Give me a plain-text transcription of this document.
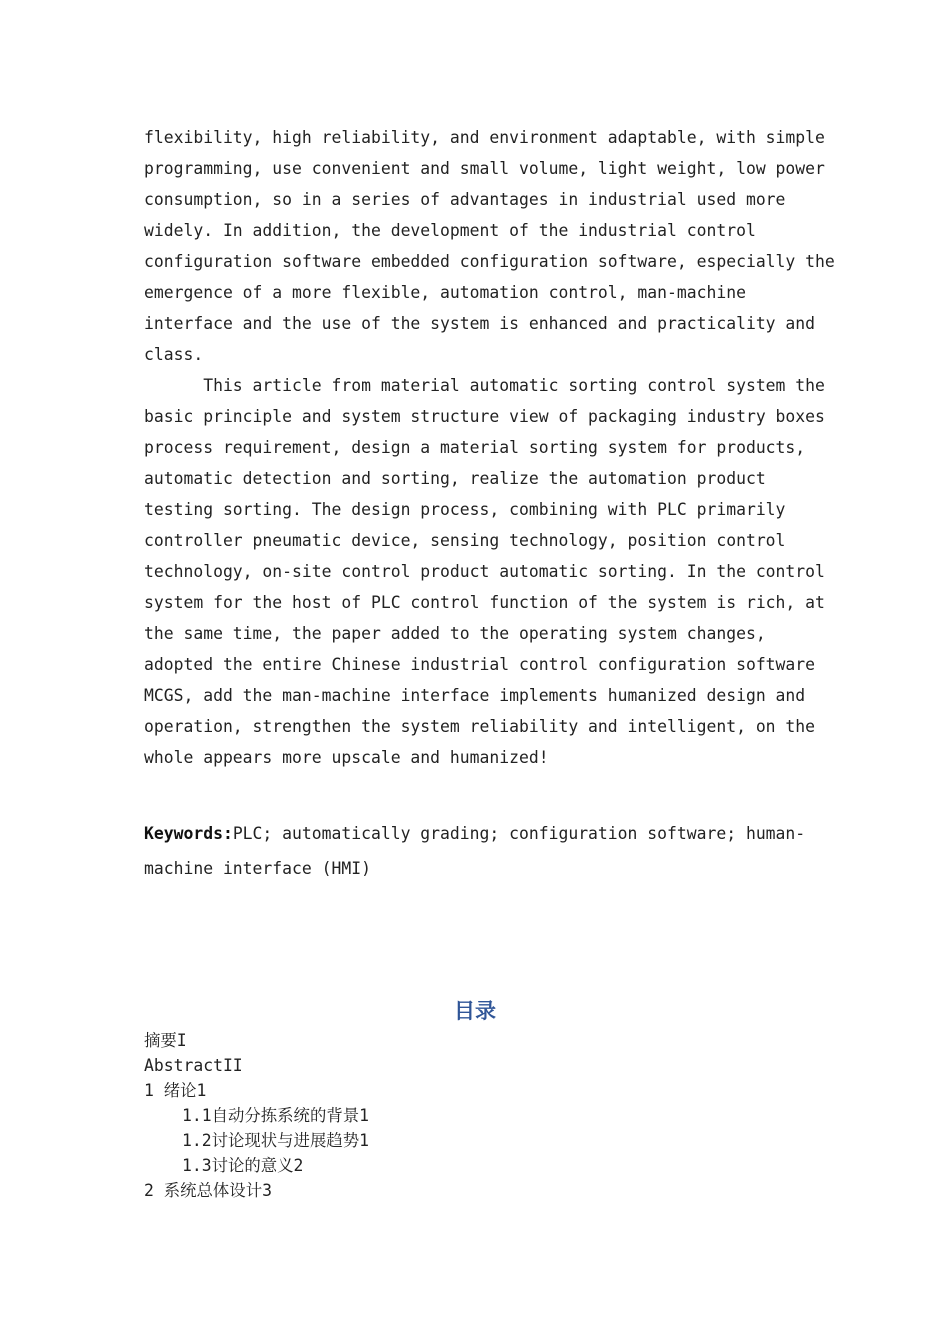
flexibility, high reliability, and environment adaptable, with simple
programming, use convenient and small volume, light weight, low power
consumption, so in a series of advantages in industrial used more
widely. In addition, the development of the industrial control
configuration software embedded configuration software, especially the
emergence of a more flexible, automation control, man-machine
interface and the use of the system is enhanced and practicality and
class.
This article from material automatic sorting control system the
basic principle and system structure view of packaging industry boxes
process requirement, design a material sorting system for products,
automatic detection and sorting, realize the automation product
testing sorting. The design process, combining with PLC primarily
controller pneumatic device, sensing technology, position control
technology, on-site control product automatic sorting. In the control
system for the host of PLC control function of the system is rich, at
the same time, the paper added to the operating system changes,
adopted the entire Chinese industrial control configuration software
MCGS, add the man-machine interface implements humanized design and
operation, strengthen the system reliability and intelligent, on the
whole appears more upscale and humanized!
Keywords:PLC; automatically grading; configuration software; human-
machine interface (HMI)
目录
摘要I
AbstractII
1 绪论1
1.1自动分拣系统的背景1
1.2讨论现状与进展趋势1
1.3讨论的意义2
2 系统总体设计3
